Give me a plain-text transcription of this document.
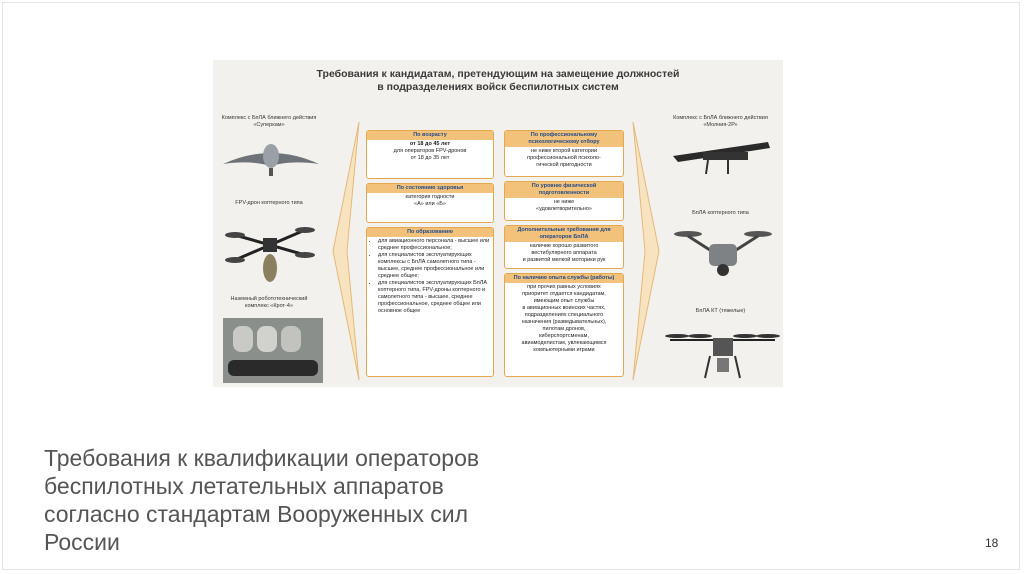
Требования к кандидатам, претендующим на замещение должностей
в подразделениях войск беспилотных систем
Комплекс с БпЛА ближнего действия
«Суперкам»
FPV-дрон коптерного типа
Наземный робототехнический
комплекс «Крот-4»
По возрасту
от 18 до 45 лет
для операторов FPV-дронов
от 18 до 35 лет
По состоянию здоровья
категория годности
«А» или «Б»
По образованию
• для авиационного персонала - высшее или среднее профессиональное;
• для специалистов эксплуатирующих комплексы с БпЛА самолетного типа - высшее, среднее профессиональное или среднее общее;
• для специалистов эксплуатирующих БпЛА коптерного типа, FPV-дроны коптерного и самолетного типа - высшее, среднее профессиональное, среднее общее или основное общее
По профессиональному психологическому отбору
не ниже второй категории
профессиональной психоло-
гической пригодности
По уровню физической подготовленности
не ниже
«удовлетворительно»
Дополнительные требования для операторов БпЛА
наличие хорошо развитого
вестибулярного аппарата
и развитой мелкой моторики рук
По наличию опыта службы (работы)
при прочих равных условиях
приоритет отдается кандидатам,
имеющим опыт службы
в авиационных воинских частях,
подразделениях специального
назначения (разведывательных),
пилотам дронов,
киберспортсменам,
авиамоделистам, увлекающимся
компьютерными играми
Комплекс с БпЛА ближнего действия
«Молния-2Р»
БпЛА коптерного типа
БпЛА КТ (тяжелые)
Требования к квалификации операторов
беспилотных летательных аппаратов
согласно стандартам Вооруженных сил
России	18
